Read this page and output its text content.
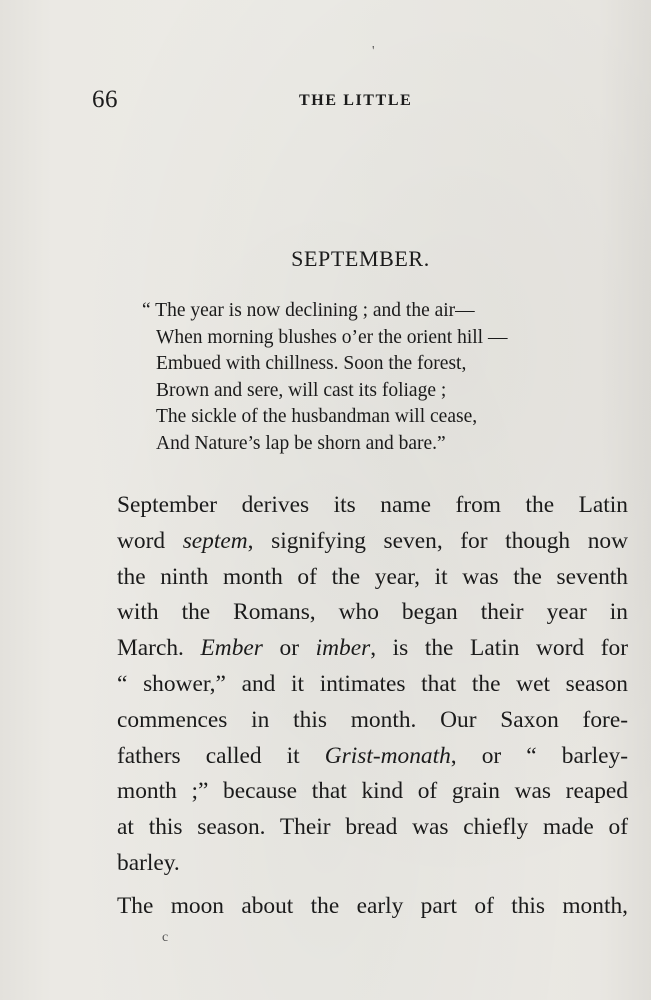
66	THE LITTLE
SEPTEMBER.
“ The year is now declining ; and the air—
When morning blushes o’er the orient hill —
Embued with chillness. Soon the forest,
Brown and sere, will cast its foliage ;
The sickle of the husbandman will cease,
And Nature’s lap be shorn and bare.”

September derives its name from the Latin
word septem, signifying seven, for though now
the ninth month of the year, it was the seventh
with the Romans, who began their year in
March. Ember or imber, is the Latin word for
“ shower,” and it intimates that the wet season
commences in this month. Our Saxon fore-
fathers called it Grist-monath, or “ barley-
month ;” because that kind of grain was reaped
at this season. Their bread was chiefly made of
barley.

The moon about the early part of this month,

'
c
